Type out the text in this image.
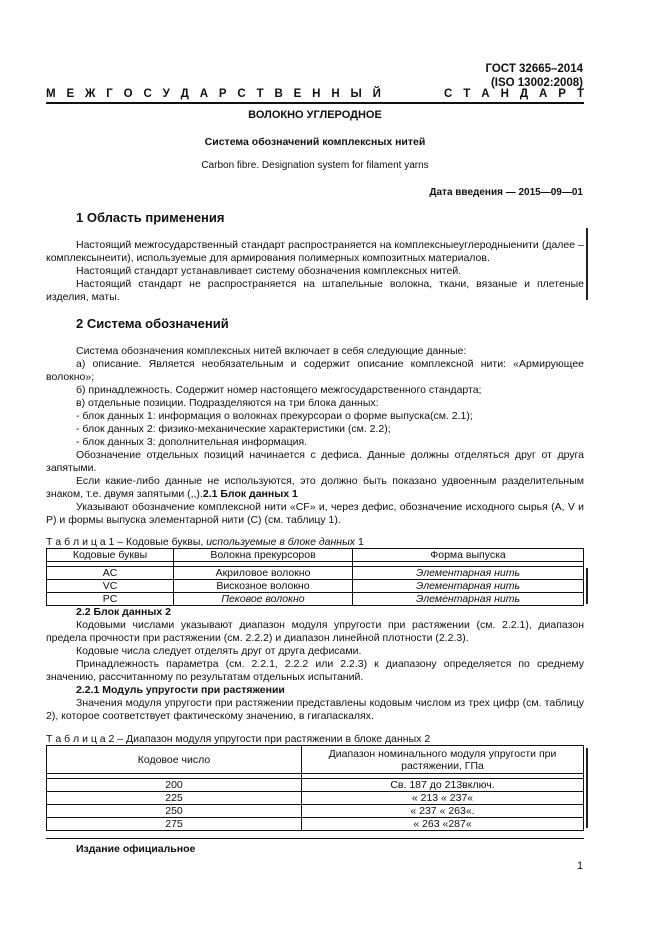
ГОСТ 32665–2014
(ISO 13002:2008)
М Е Ж Г О С У Д А Р С Т В Е Н Н Ы Й	С Т А Н Д А Р Т
ВОЛОКНО УГЛЕРОДНОЕ
Система обозначений комплексных нитей
Carbon fibre. Designation system for filament yarns
Дата введения — 2015—09—01
1 Область применения

Настоящий межгосударственный стандарт распространяется на комплексныеуглеродныенити (далее –комплексынеити), используемые для армирования полимерных композитных материалов.

Настоящий стандарт устанавливает систему обозначения комплексных нитей.

Настоящий стандарт не распространяется на штапельные волокна, ткани, вязаные и плетеные изделия, маты.

2 Система обозначений

Система обозначения комплексных нитей включает в себя следующие данные:

а) описание. Является необязательным и содержит описание комплексной нити: «Армирующее волокно»;

б) принадлежность. Содержит номер настоящего межгосударственного стандарта;

в) отдельные позиции. Подразделяются на три блока данных:

- блок данных 1: информация о волокнах прекурсораи о форме выпуска(см. 2.1);

- блок данных 2: физико-механические характеристики (см. 2.2);

- блок данных 3: дополнительная информация.

Обозначение отдельных позиций начинается с дефиса. Данные должны отделяться друг от друга запятыми.

Если какие-либо данные не используются, это должно быть показано удвоенным разделительным знаком, т.е. двумя запятыми (,,).2.1 Блок данных 1

Указывают обозначение комплексной нити «CF» и, через дефис, обозначение исходного сырья (A, V и P) и формы выпуска элементарной нити (C) (см. таблицу 1).

Т а б л и ц а 1 – Кодовые буквы, используемые в блоке данных 1
Кодовые буквы	Волокна прекурсоров	Форма выпуска

AC	Акриловое волокно	Элементарная нить
VC	Вискозное волокно	Элементарная нить
PC	Пековое волокно	Элементарная нить

2.2 Блок данных 2

Кодовыми числами указывают диапазон модуля упругости при растяжении (см. 2.2.1), диапазон предела прочности при растяжении (см. 2.2.2) и диапазон линейной плотности (2.2.3).

Кодовые числа следует отделять друг от друга дефисами.

Принадлежность параметра (см. 2.2.1, 2.2.2 или 2.2.3) к диапазону определяется по среднему значению, рассчитанному по результатам отдельных испытаний.

2.2.1 Модуль упругости при растяжении

Значения модуля упругости при растяжении представлены кодовым числом из трех цифр (см. таблицу 2), которое соответствует фактическому значению, в гигапаскалях.

Т а б л и ц а 2 – Диапазон модуля упругости при растяжении в блоке данных 2
Кодовое число	Диапазон номинального модуля упругости при растяжении, ГПа

200	Св. 187 до 213включ.
225	« 213 « 237«
250	« 237 « 263«.
275	« 263 «287«
Издание официальное
1
